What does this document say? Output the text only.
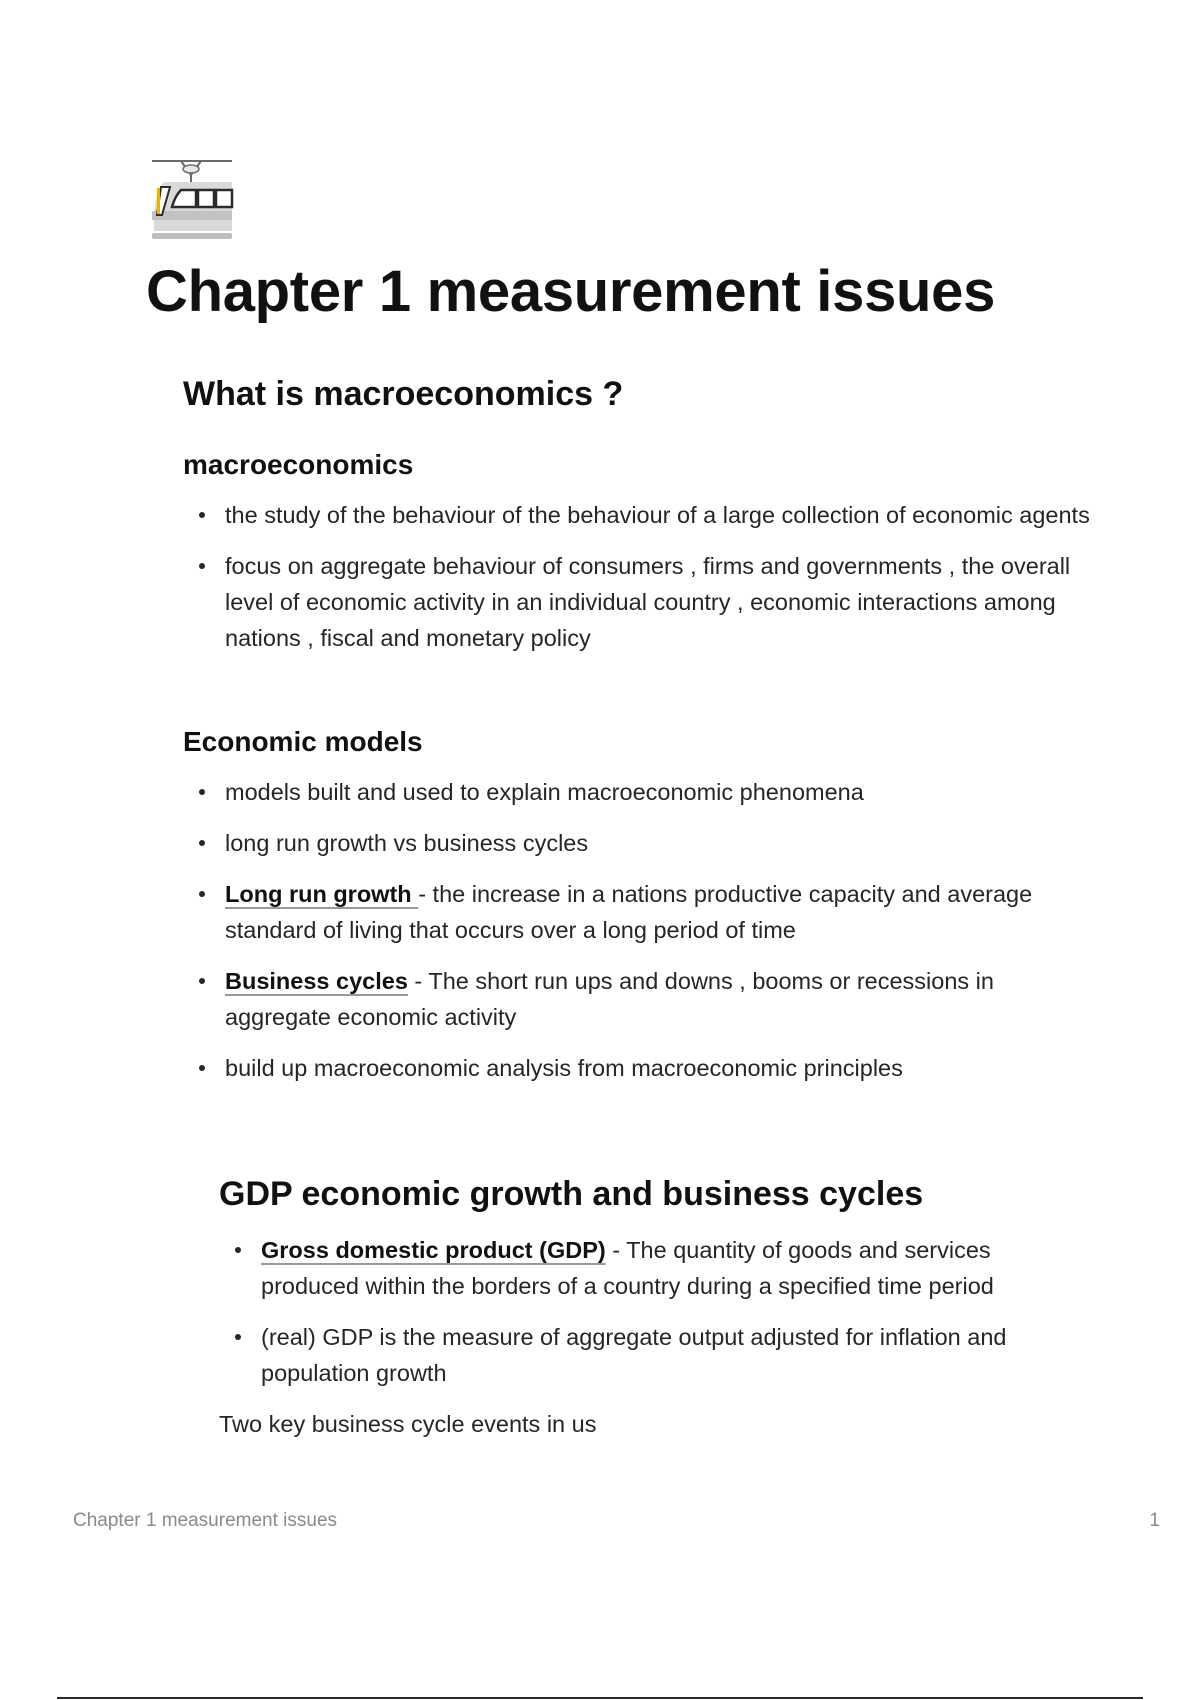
Chapter 1 measurement issues
What is macroeconomics ?
macroeconomics
the study of the behaviour of the behaviour of a large collection of economic agents
focus on aggregate behaviour of consumers , firms and governments , the overall level of economic activity in an individual country , economic interactions among nations , fiscal and monetary policy
Economic models
models built and used to explain macroeconomic phenomena
long run growth vs business cycles
Long run growth - the increase in a nations productive capacity and average standard of living that occurs over a long period of time
Business cycles - The short run ups and downs , booms or recessions in aggregate economic activity
build up macroeconomic analysis from macroeconomic principles
GDP economic growth and business cycles
Gross domestic product (GDP) - The quantity of goods and services produced within the borders of a country during a specified time period
(real) GDP is the measure of aggregate output adjusted for inflation and population growth

Two key business cycle events in us

Chapter 1 measurement issues	1
